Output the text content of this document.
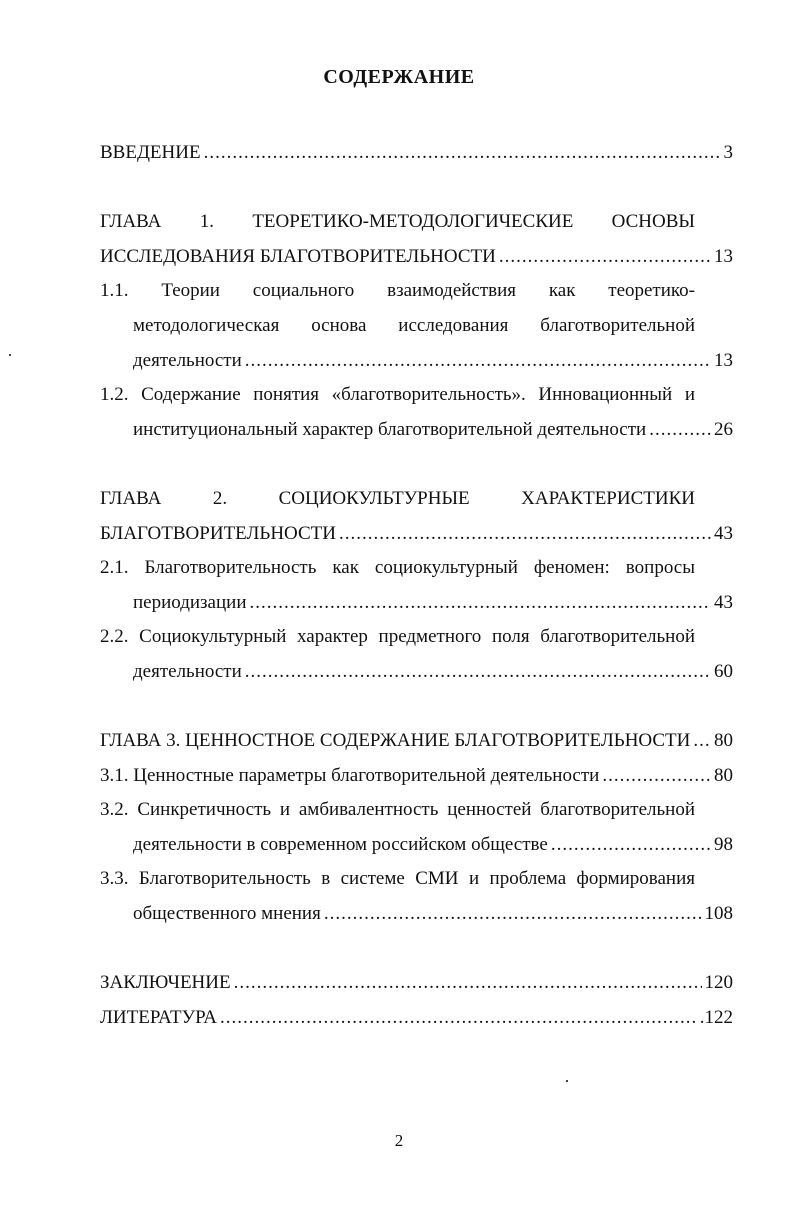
СОДЕРЖАНИЕ
ВВЕДЕНИЕ .....	3
ГЛАВА 1. ТЕОРЕТИКО-МЕТОДОЛОГИЧЕСКИЕ ОСНОВЫ
ИССЛЕДОВАНИЯ БЛАГОТВОРИТЕЛЬНОСТИ .....	13
1.1. Теории социального взаимодействия как теоретико-
методологическая основа исследования благотворительной
деятельности .....	13
1.2. Содержание понятия «благотворительность». Инновационный и
институциональный характер благотворительной деятельности .....	26
ГЛАВА 2. СОЦИОКУЛЬТУРНЫЕ ХАРАКТЕРИСТИКИ
БЛАГОТВОРИТЕЛЬНОСТИ .....	43
2.1. Благотворительность как социокультурный феномен: вопросы
периодизации .....	43
2.2. Социокультурный характер предметного поля благотворительной
деятельности .....	60
ГЛАВА 3. ЦЕННОСТНОЕ СОДЕРЖАНИЕ БЛАГОТВОРИТЕЛЬНОСТИ ..... 80
3.1. Ценностные параметры благотворительной деятельности .....	80
3.2. Синкретичность и амбивалентность ценностей благотворительной
деятельности в современном российском обществе .....	98
3.3. Благотворительность в системе СМИ и проблема формирования
общественного мнения .....	108
ЗАКЛЮЧЕНИЕ .....	120
ЛИТЕРАТУРА .....	.122
2
